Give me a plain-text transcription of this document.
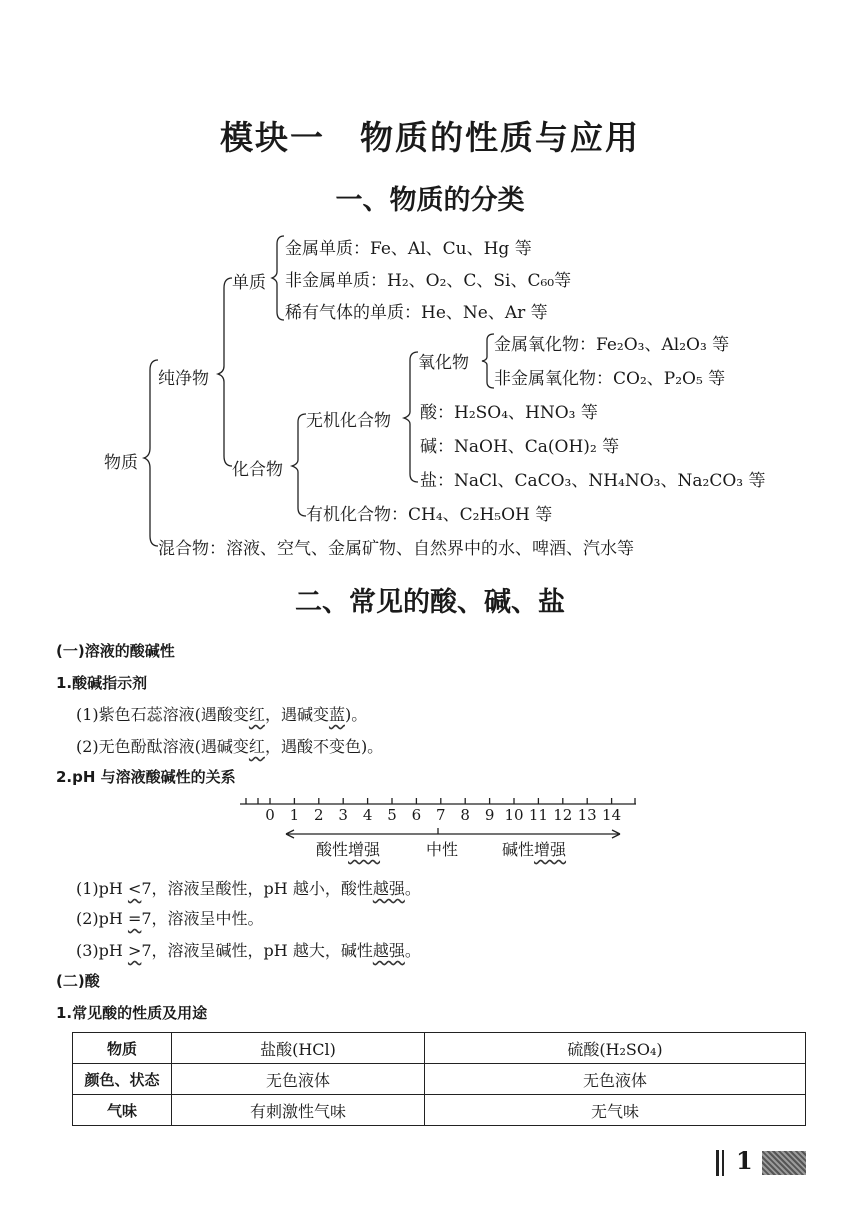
模块一　物质的性质与应用
一、物质的分类
物质
纯净物
单质
金属单质：Fe、Al、Cu、Hg 等
非金属单质：H₂、O₂、C、Si、C₆₀等
稀有气体的单质：He、Ne、Ar 等
化合物
无机化合物
氧化物
金属氧化物：Fe₂O₃、Al₂O₃ 等
非金属氧化物：CO₂、P₂O₅ 等
酸：H₂SO₄、HNO₃ 等
碱：NaOH、Ca(OH)₂ 等
盐：NaCl、CaCO₃、NH₄NO₃、Na₂CO₃ 等
有机化合物：CH₄、C₂H₅OH 等
混合物：溶液、空气、金属矿物、自然界中的水、啤酒、汽水等
二、常见的酸、碱、盐
(一)溶液的酸碱性
1.酸碱指示剂
(1)紫色石蕊溶液(遇酸变红，遇碱变蓝)。
(2)无色酚酞溶液(遇碱变红，遇酸不变色)。
2.pH 与溶液酸碱性的关系
0 1 2 3 4 5 6 7 8 9 10 11 12 13 14
酸性增强	中性	碱性增强
(1)pH <7，溶液呈酸性，pH 越小，酸性越强。
(2)pH =7，溶液呈中性。
(3)pH >7，溶液呈碱性，pH 越大，碱性越强。
(二)酸
1.常见酸的性质及用途
物质	盐酸(HCl)	硫酸(H₂SO₄)
颜色、状态	无色液体	无色液体
气味	有刺激性气味	无气味
1
